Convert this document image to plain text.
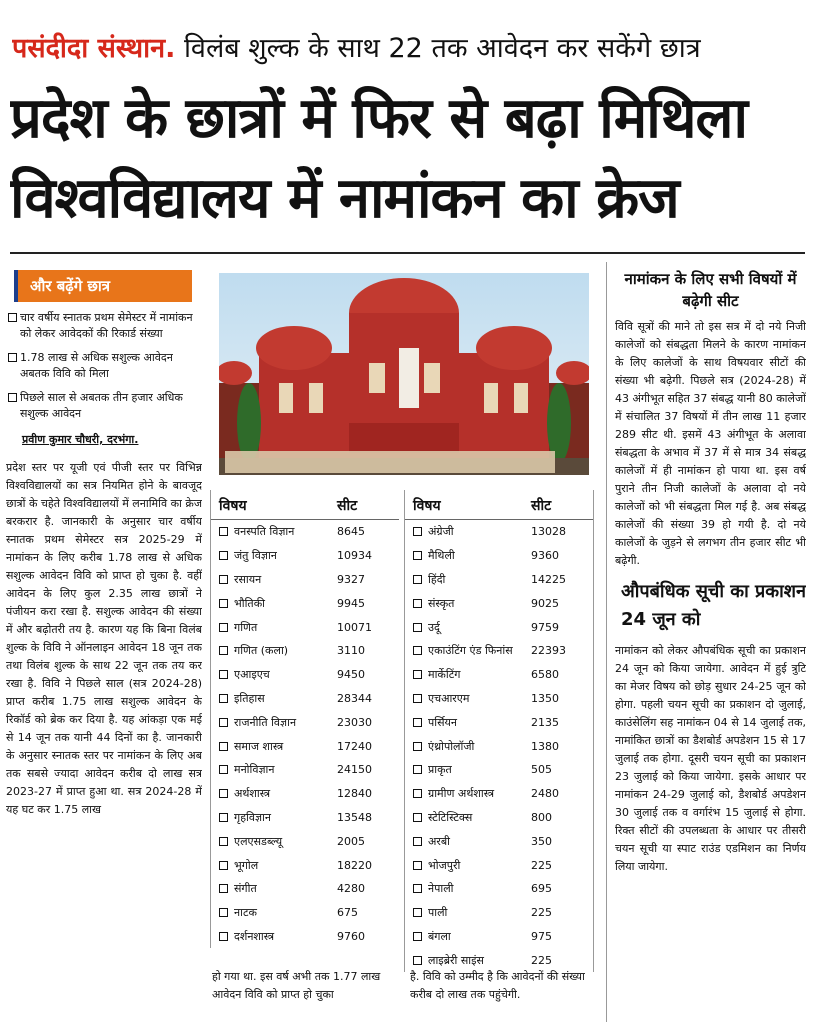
पसंदीदा संस्थान. विलंब शुल्क के साथ 22 तक आवेदन कर सकेंगे छात्र
प्रदेश के छात्रों में फिर से बढ़ा मिथिला
विश्वविद्यालय में नामांकन का क्रेज
और बढ़ेंगे छात्र
चार वर्षीय स्नातक प्रथम सेमेस्टर में नामांकन को लेकर आवेदकों की रिकार्ड संख्या
1.78 लाख से अधिक सशुल्क आवेदन अबतक विवि को मिला
पिछले साल से अबतक तीन हजार अधिक सशुल्क आवेदन
प्रवीण कुमार चौधरी, दरभंगा.

प्रदेश स्तर पर यूजी एवं पीजी स्तर पर विभिन्न विश्वविद्यालयों का सत्र नियमित होने के बावजूद छात्रों के चहेते विश्वविद्यालयों में लनामिवि का क्रेज बरकरार है. जानकारी के अनुसार चार वर्षीय स्नातक प्रथम सेमेस्टर सत्र 2025-29 में नामांकन के लिए करीब 1.78 लाख से अधिक सशुल्क आवेदन विवि को प्राप्त हो चुका है. वहीं आवेदन के लिए कुल 2.35 लाख छात्रों ने पंजीयन करा रखा है. सशुल्क आवेदन की संख्या में और बढ़ोतरी तय है. कारण यह कि बिना विलंब शुल्क के विवि ने ऑनलाइन आवेदन 18 जून तक तथा विलंब शुल्क के साथ 22 जून तक तय कर रखा है. विवि ने पिछले साल (सत्र 2024-28) प्राप्त करीब 1.75 लाख सशुल्क आवेदन के रिकॉर्ड को ब्रेक कर दिया है. यह आंकड़ा एक मई से 14 जून तक यानी 44 दिनों का है. जानकारी के अनुसार स्नातक स्तर पर नामांकन के लिए अब तक सबसे ज्यादा आवेदन करीब दो लाख सत्र 2023-27 में प्राप्त हुआ था. सत्र 2024-28 में यह घट कर 1.75 लाख

विषय	सीट
वनस्पति विज्ञान	8645
जंतु विज्ञान	10934
रसायन	9327
भौतिकी	9945
गणित	10071
गणित (कला)	3110
एआइएच	9450
इतिहास	28344
राजनीति विज्ञान	23030
समाज शास्त्र	17240
मनोविज्ञान	24150
अर्थशास्त्र	12840
गृहविज्ञान	13548
एलएसडब्ल्यू	2005
भूगोल	18220
संगीत	4280
नाटक	675
दर्शनशास्त्र	9760
विषय	सीट
अंग्रेजी	13028
मैथिली	9360
हिंदी	14225
संस्कृत	9025
उर्दू	9759
एकाउंटिंग एंड फिनांस	22393
मार्केटिंग	6580
एचआरएम	1350
पर्सियन	2135
एंथ्रोपोलॉजी	1380
प्राकृत	505
ग्रामीण अर्थशास्त्र	2480
स्टेटिस्टिक्स	800
अरबी	350
भोजपुरी	225
नेपाली	695
पाली	225
बंगला	975
लाइब्रेरी साइंस	225
हो गया था. इस वर्ष अभी तक 1.77 लाख आवेदन विवि को प्राप्त हो चुका
है. विवि को उम्मीद है कि आवेदनों की संख्या करीब दो लाख तक पहुंचेगी.
नामांकन के लिए सभी विषयों में बढ़ेगी सीट

विवि सूत्रों की माने तो इस सत्र में दो नये निजी कालेजों को संबद्धता मिलने के कारण नामांकन के लिए कालेजों के साथ विषयवार सीटों की संख्या भी बढ़ेगी. पिछले सत्र (2024-28) में 43 अंगीभूत सहित 37 संबद्ध यानी 80 कालेजों में संचालित 37 विषयों में तीन लाख 11 हजार 289 सीट थी. इसमें 43 अंगीभूत के अलावा संबद्धता के अभाव में 37 में से मात्र 34 संबद्ध कालेजों में ही नामांकन हो पाया था. इस वर्ष पुराने तीन निजी कालेजों के अलावा दो नये कालेजों को भी संबद्धता मिल गई है. अब संबद्ध कालेजों की संख्या 39 हो गयी है. दो नये कालेजों के जुड़ने से लगभग तीन हजार सीट भी बढ़ेगी.

औपबंधिक सूची का प्रकाशन 24 जून को

नामांकन को लेकर औपबंधिक सूची का प्रकाशन 24 जून को किया जायेगा. आवेदन में हुई त्रुटि का मेजर विषय को छोड़ सुधार 24-25 जून को होगा. पहली चयन सूची का प्रकाशन दो जुलाई, काउंसेलिंग सह नामांकन 04 से 14 जुलाई तक, नामांकित छात्रों का डैशबोर्ड अपडेशन 15 से 17 जुलाई तक होगा. दूसरी चयन सूची का प्रकाशन 23 जुलाई को किया जायेगा. इसके आधार पर नामांकन 24-29 जुलाई को, डैशबोर्ड अपडेशन 30 जुलाई तक व वर्गारंभ 15 जुलाई से होगा. रिक्त सीटों की उपलब्धता के आधार पर तीसरी चयन सूची या स्पाट राउंड एडमिशन का निर्णय लिया जायेगा.
